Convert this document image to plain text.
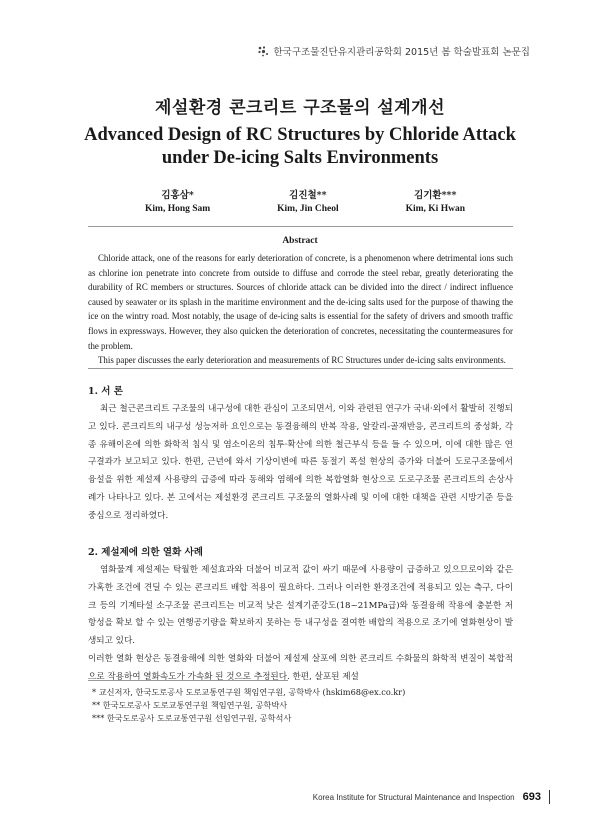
한국구조물진단유지관리공학회 2015년 봄 학술발표회 논문집
제설환경 콘크리트 구조물의 설계개선
Advanced Design of RC Structures by Chloride Attack
under De-icing Salts Environments
김홍삼*
Kim, Hong Sam
김진철**
Kim, Jin Cheol
김기환***
Kim, Ki Hwan
Abstract

Chloride attack, one of the reasons for early deterioration of concrete, is a phenomenon where detrimental ions such as chlorine ion penetrate into concrete from outside to diffuse and corrode the steel rebar, greatly deteriorating the durability of RC members or structures. Sources of chloride attack can be divided into the direct / indirect influence caused by seawater or its splash in the maritime environment and the de-icing salts used for the purpose of thawing the ice on the wintry road. Most notably, the usage of de-icing salts is essential for the safety of drivers and smooth traffic flows in expressways. However, they also quicken the deterioration of concretes, necessitating the countermeasures for the problem.

This paper discusses the early deterioration and measurements of RC Structures under de-icing salts environments.

1. 서 론

최근 철근콘크리트 구조물의 내구성에 대한 관심이 고조되면서, 이와 관련된 연구가 국내·외에서 활발히 진행되고 있다. 콘크리트의 내구성 성능저하 요인으로는 동결융해의 반복 작용, 알칼리-골재반응, 콘크리트의 중성화, 각종 유해이온에 의한 화학적 침식 및 염소이온의 침투·확산에 의한 철근부식 등을 들 수 있으며, 이에 대한 많은 연구결과가 보고되고 있다. 한편, 근년에 와서 기상이변에 따른 동절기 폭설 현상의 증가와 더불어 도로구조물에서 융설을 위한 제설제 사용량의 급증에 따라 동해와 염해에 의한 복합열화 현상으로 도로구조물 콘크리트의 손상사례가 나타나고 있다. 본 고에서는 제설환경 콘크리트 구조물의 열화사례 및 이에 대한 대책을 관련 시방기준 등을 중심으로 정리하였다.

2. 제설제에 의한 열화 사례

염화물계 제설제는 탁월한 제설효과와 더불어 비교적 값이 싸기 때문에 사용량이 급증하고 있으므로이와 같은 가혹한 조건에 견딜 수 있는 콘크리트 배합 적용이 필요하다. 그러나 이러한 환경조건에 적용되고 있는 측구, 다이크 등의 기계타설 소구조물 콘크리트는 비교적 낮은 설계기준강도(18~21MPa급)와 동결융해 작용에 충분한 저항성을 확보 할 수 있는 연행공기량을 확보하지 못하는 등 내구성을 결여한 배합의 적용으로 조기에 열화현상이 발생되고 있다.

이러한 열화 현상은 동결융해에 의한 열화와 더불어 제설제 살포에 의한 콘크리트 수화물의 화학적 변질이 복합적으로 작용하여 열화속도가 가속화 된 것으로 추정된다. 한편, 살포된 제설

* 교신저자, 한국도로공사 도로교통연구원 책임연구원, 공학박사 (hskim68@ex.co.kr)
** 한국도로공사 도로교통연구원 책임연구원, 공학박사
*** 한국도로공사 도로교통연구원 선임연구원, 공학석사
Korea Institute for Structural Maintenance and Inspection 693
